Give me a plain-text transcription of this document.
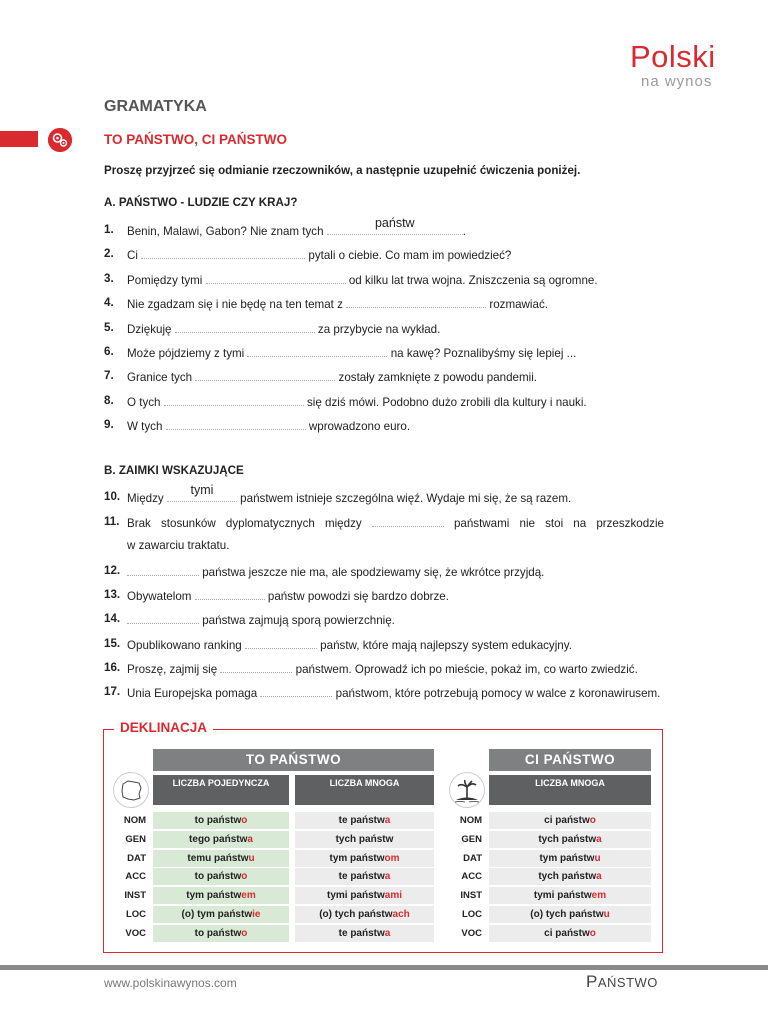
Polski
na wynos
GRAMATYKA
TO PAŃSTWO, CI PAŃSTWO
Proszę przyjrzeć się odmianie rzeczowników, a następnie uzupełnić ćwiczenia poniżej.
A. PAŃSTWO - LUDZIE CZY KRAJ?
1. Benin, Malawi, Gabon? Nie znam tych
państw
.
2. Ci	pytali o ciebie. Co mam im powiedzieć?
3. Pomiędzy tymi	od kilku lat trwa wojna. Zniszczenia są ogromne.
4. Nie zgadzam się i nie będę na ten temat z	rozmawiać.
5. Dziękuję	za przybycie na wykład.
6. Może pójdziemy z tymi	na kawę? Poznalibyśmy się lepiej ...
7. Granice tych	zostały zamknięte z powodu pandemii.
8. O tych	się dziś mówi. Podobno dużo zrobili dla kultury i nauki.
9. W tych	wprowadzono euro.
B. ZAIMKI WSKAZUJĄCE
10. Między
tymi
państwem istnieje szczególna więź. Wydaje mi się, że są razem.
11. Brak stosunków dyplomatycznych między	państwami nie stoi na przeszkodzie
w zawarciu traktatu.
12.	państwa jeszcze nie ma, ale spodziewamy się, że wkrótce przyjdą.
13. Obywatelom	państw powodzi się bardzo dobrze.
14.	państwa zajmują sporą powierzchnię.
15. Opublikowano ranking	państw, które mają najlepszy system edukacyjny.
16. Proszę, zajmij się	państwem. Oprowadź ich po mieście, pokaż im, co warto zwiedzić.
17. Unia Europejska pomaga	państwom, które potrzebują pomocy w walce z koronawirusem.
DEKLINACJA
TO PAŃSTWO	CI PAŃSTWO
LICZBA POJEDYNCZA	LICZBA MNOGA	LICZBA MNOGA
NOM	to państwo	te państwa	NOM	ci państwo
GEN	tego państwa	tych państw	GEN	tych państwa
DAT	temu państwu	tym państwom	DAT	tym państwu
ACC	to państwo	te państwa	ACC	tych państwa
INST	tym państwem	tymi państwami	INST	tymi państwem
LOC	(o) tym państwie	(o) tych państwach	LOC	(o) tych państwu
VOC	to państwo	te państwa	VOC	ci państwo
www.polskinawynos.com	PAŃSTWO
